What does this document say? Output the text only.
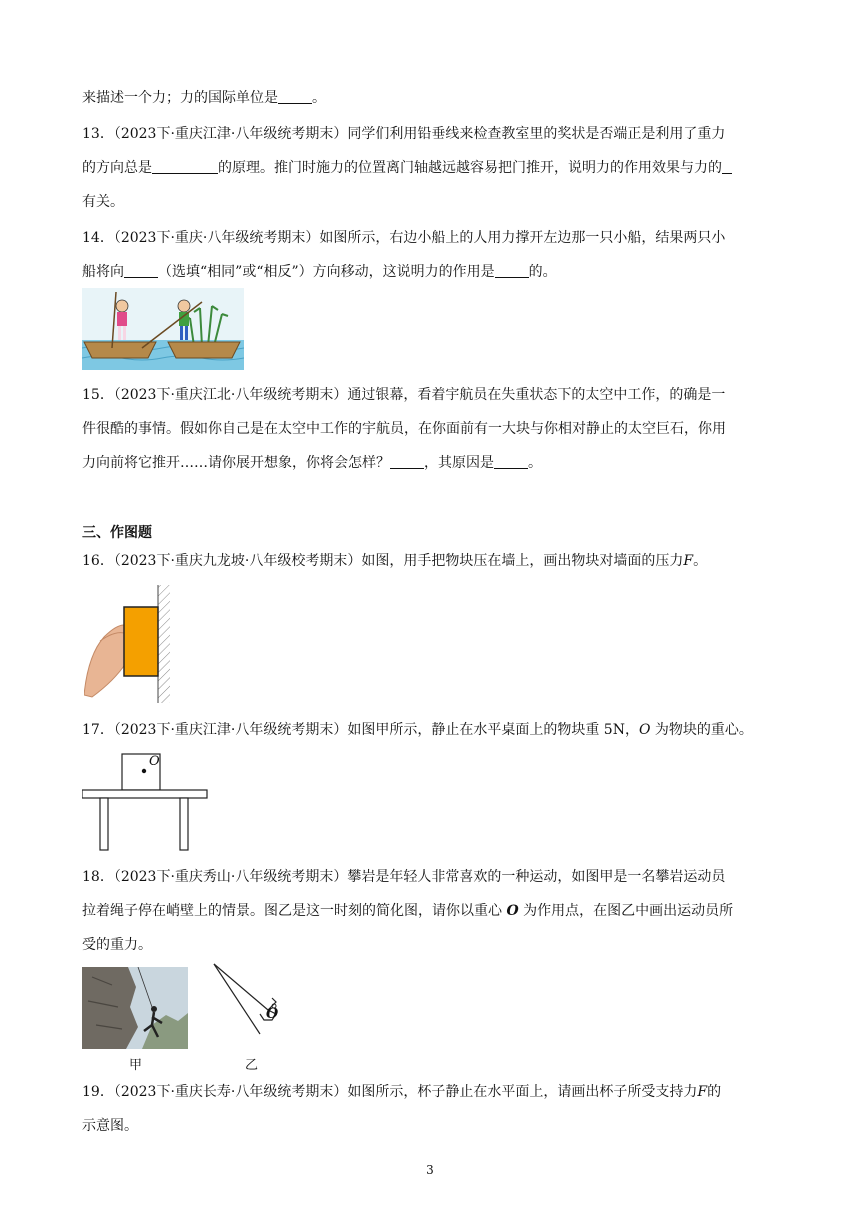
来描述一个力；力的国际单位是 。
13．（2023下·重庆江津·八年级统考期末）同学们利用铅垂线来检查教室里的奖状是否端正是利用了重力
的方向总是	的原理。推门时施力的位置离门轴越远越容易把门推开，说明力的作用效果与力的
有关。
14．（2023下·重庆·八年级统考期末）如图所示，右边小船上的人用力撑开左边那一只小船，结果两只小
船将向 （选填“相同”或“相反”）方向移动，这说明力的作用是 的。
15．（2023下·重庆江北·八年级统考期末）通过银幕，看着宇航员在失重状态下的太空中工作，的确是一
件很酷的事情。假如你自己是在太空中工作的宇航员，在你面前有一大块与你相对静止的太空巨石，你用
力向前将它推开……请你展开想象，你将会怎样？ ，其原因是 。
三、作图题
16．（2023下·重庆九龙坡·八年级校考期末）如图，用手把物块压在墙上，画出物块对墙面的压力F。
17．（2023下·重庆江津·八年级统考期末）如图甲所示，静止在水平桌面上的物块重 5N，O 为物块的重心。
O
18．（2023下·重庆秀山·八年级统考期末）攀岩是年轻人非常喜欢的一种运动，如图甲是一名攀岩运动员
拉着绳子停在峭壁上的情景。图乙是这一时刻的简化图，请你以重心 O 为作用点，在图乙中画出运动员所
受的重力。
甲
O
乙
19．（2023下·重庆长寿·八年级统考期末）如图所示，杯子静止在水平面上，请画出杯子所受支持力F的
示意图。
3
